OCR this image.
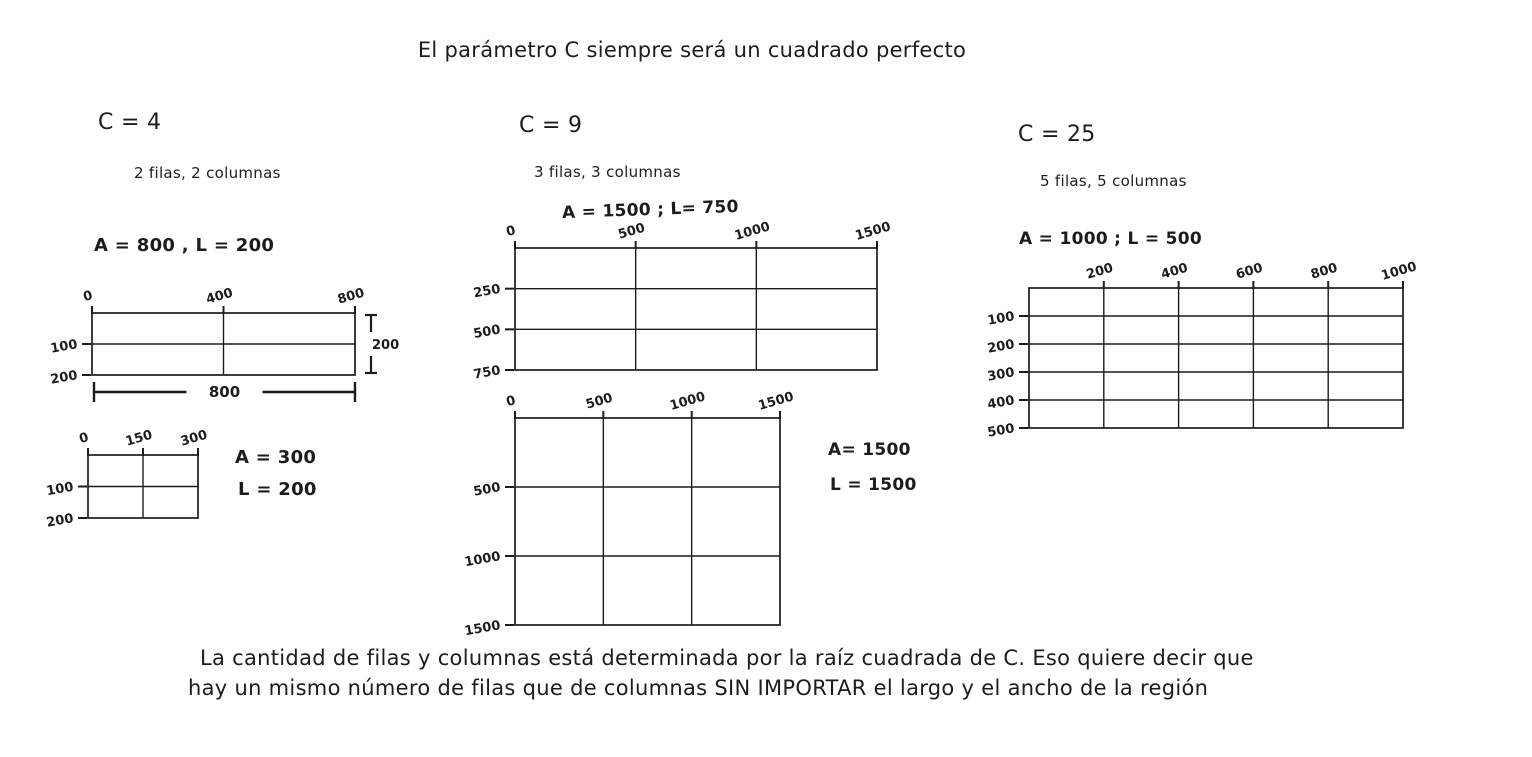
0	400	800
100
200
200
800
0	150 300
100
200
0	500	1000	1500
250
500
750
0	500	1000	1500
500
1000
1500
200	400	600	800	1000
100
200
300
400
500
El parámetro C siempre será un cuadrado perfecto
C = 4
2 filas, 2 columnas
A = 800 , L = 200
C = 9
3 filas, 3 columnas
A = 1500 ; L= 750
C = 25
5 filas, 5 columnas
A = 1000 ; L = 500
A = 300
L = 200
A= 1500
L = 1500
La cantidad de filas y columnas está determinada por la raíz cuadrada de C. Eso quiere decir que
hay un mismo número de filas que de columnas SIN IMPORTAR el largo y el ancho de la región
